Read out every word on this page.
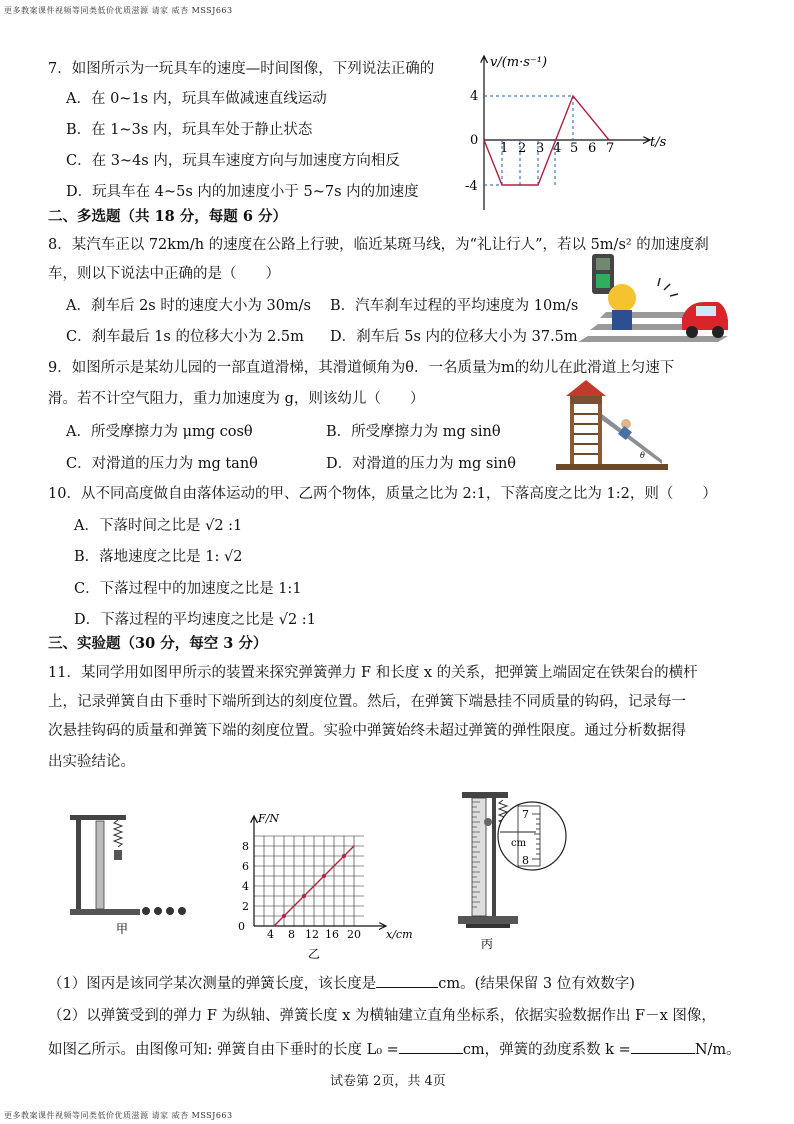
更多教案课件视频等同类低价优质滋源 请家 威杏 MSSJ663
7．如图所示为一玩具车的速度—时间图像，下列说法正确的
A．在 0~1s 内，玩具车做减速直线运动
B．在 1~3s 内，玩具车处于静止状态
C．在 3~4s 内，玩具车速度方向与加速度方向相反
D．玩具车在 4~5s 内的加速度小于 5~7s 内的加速度
v/(m·s⁻¹)
t/s
4
0
-4
1 2 3 4 5 6 7
二、多选题（共 18 分，每题 6 分）
8．某汽车正以 72km/h 的速度在公路上行驶，临近某斑马线，为“礼让行人”，若以 5m/s² 的加速度刹
车，则以下说法中正确的是（　　）
A．刹车后 2s 时的速度大小为 30m/s B．汽车刹车过程的平均速度为 10m/s
C．刹车最后 1s 的位移大小为 2.5m D．刹车后 5s 内的位移大小为 37.5m
9．如图所示是某幼儿园的一部直道滑梯，其滑道倾角为θ．一名质量为m的幼儿在此滑道上匀速下
滑。若不计空气阻力，重力加速度为 g，则该幼儿（　　）
A．所受摩擦力为 μmg cosθ	B．所受摩擦力为 mg sinθ
C．对滑道的压力为 mg tanθ	D．对滑道的压力为 mg sinθ
θ
10．从不同高度做自由落体运动的甲、乙两个物体，质量之比为 2:1，下落高度之比为 1:2，则（　　）
A．下落时间之比是 √2 :1
B．落地速度之比是 1: √2
C．下落过程中的加速度之比是 1:1
D．下落过程的平均速度之比是 √2 :1
三、实验题（30 分，每空 3 分）
11．某同学用如图甲所示的装置来探究弹簧弹力 F 和长度 x 的关系，把弹簧上端固定在铁架台的横杆
上，记录弹簧自由下垂时下端所到达的刻度位置。然后，在弹簧下端悬挂不同质量的钩码，记录每一
次悬挂钩码的质量和弹簧下端的刻度位置。实验中弹簧始终未超过弹簧的弹性限度。通过分析数据得
出实验结论。
甲
F/N
x/cm
8
6
4
2
0
4 8 12 16 20
乙
7
cm
8
丙
（1）图丙是该同学某次测量的弹簧长度，该长度是	cm。(结果保留 3 位有效数字)
（2）以弹簧受到的弹力 F 为纵轴、弹簧长度 x 为横轴建立直角坐标系，依据实验数据作出 F－x 图像，
如图乙所示。由图像可知: 弹簧自由下垂时的长度 L₀ =	cm，弹簧的劲度系数 k =	N/m。
试卷第 2页，共 4页
更多教案课件视频等同类低价优质滋源 请家 威杏 MSSJ663
